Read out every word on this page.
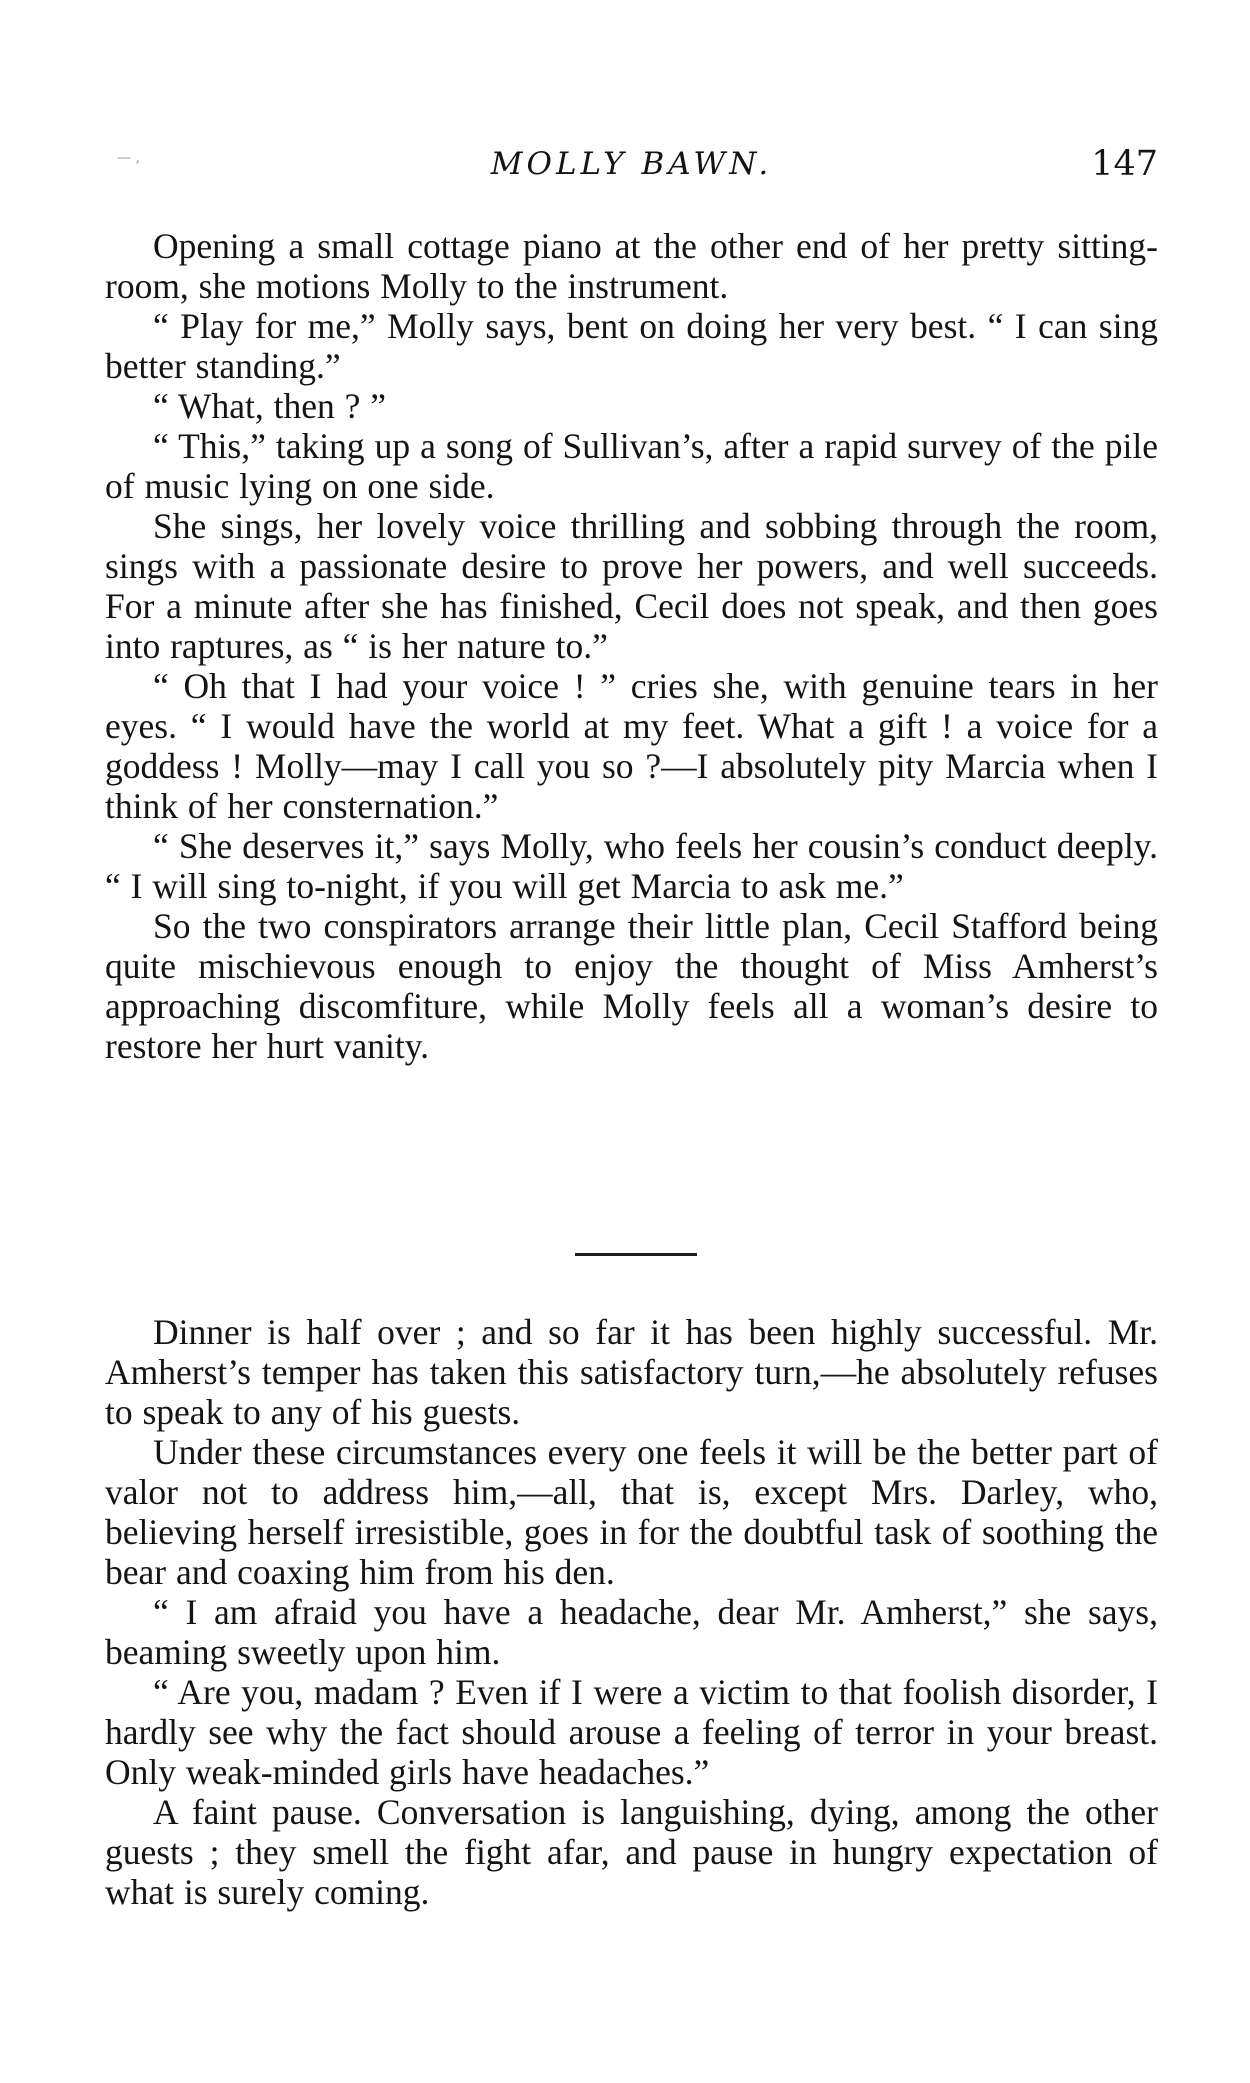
— ,	MOLLY BAWN.	147

Opening a small cottage piano at the other end of her pretty sitting-room, she motions Molly to the instrument.

“ Play for me,” Molly says, bent on doing her very best. “ I can sing better standing.”

“ What, then ? ”

“ This,” taking up a song of Sullivan’s, after a rapid survey of the pile of music lying on one side.

She sings, her lovely voice thrilling and sobbing through the room, sings with a passionate desire to prove her powers, and well succeeds. For a minute after she has finished, Cecil does not speak, and then goes into raptures, as “ is her nature to.”

“ Oh that I had your voice ! ” cries she, with genuine tears in her eyes. “ I would have the world at my feet. What a gift ! a voice for a goddess ! Molly—may I call you so ?—I absolutely pity Marcia when I think of her consternation.”

“ She deserves it,” says Molly, who feels her cousin’s conduct deeply. “ I will sing to-night, if you will get Marcia to ask me.”

So the two conspirators arrange their little plan, Cecil Stafford being quite mischievous enough to enjoy the thought of Miss Amherst’s approaching discomfiture, while Molly feels all a woman’s desire to restore her hurt vanity.

Dinner is half over ; and so far it has been highly successful. Mr. Amherst’s temper has taken this satisfactory turn,—he absolutely refuses to speak to any of his guests.

Under these circumstances every one feels it will be the better part of valor not to address him,—all, that is, except Mrs. Darley, who, believing herself irresistible, goes in for the doubtful task of soothing the bear and coaxing him from his den.

“ I am afraid you have a headache, dear Mr. Amherst,” she says, beaming sweetly upon him.

“ Are you, madam ? Even if I were a victim to that foolish disorder, I hardly see why the fact should arouse a feeling of terror in your breast. Only weak-minded girls have headaches.”

A faint pause. Conversation is languishing, dying, among the other guests ; they smell the fight afar, and pause in hungry expectation of what is surely coming.
